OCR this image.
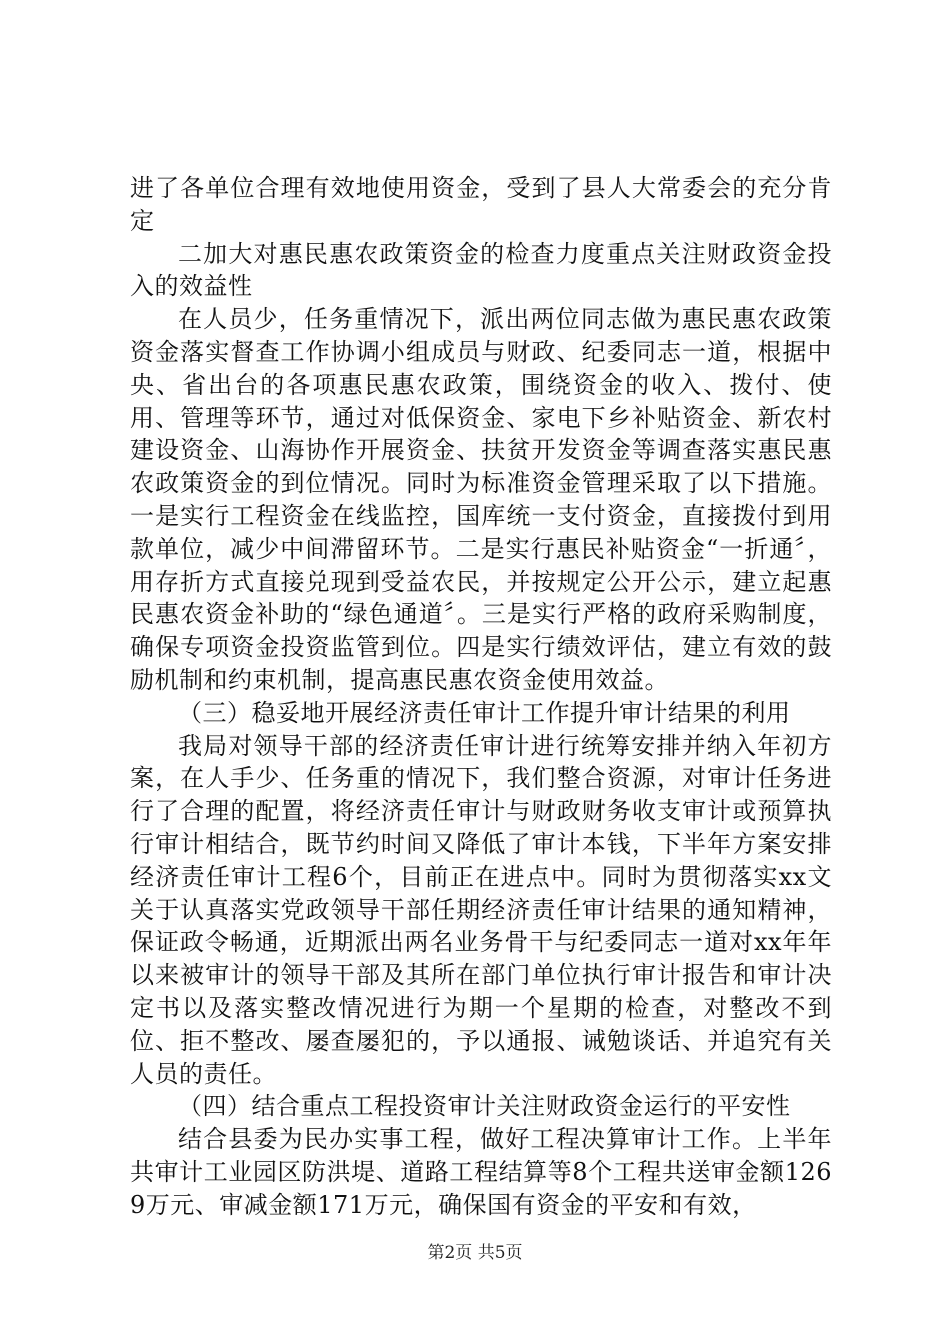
进了各单位合理有效地使用资金，受到了县人大常委会的充分肯定

二加大对惠民惠农政策资金的检查力度重点关注财政资金投入的效益性

在人员少，任务重情况下，派出两位同志做为惠民惠农政策资金落实督查工作协调小组成员与财政、纪委同志一道，根据中央、省出台的各项惠民惠农政策，围绕资金的收入、拨付、使用、管理等环节，通过对低保资金、家电下乡补贴资金、新农村建设资金、山海协作开展资金、扶贫开发资金等调查落实惠民惠农政策资金的到位情况。同时为标准资金管理采取了以下措施。一是实行工程资金在线监控，国库统一支付资金，直接拨付到用款单位，减少中间滞留环节。二是实行惠民补贴资金“一折通〞，用存折方式直接兑现到受益农民，并按规定公开公示，建立起惠民惠农资金补助的“绿色通道〞。三是实行严格的政府采购制度，确保专项资金投资监管到位。四是实行绩效评估，建立有效的鼓励机制和约束机制，提高惠民惠农资金使用效益。

（三）稳妥地开展经济责任审计工作提升审计结果的利用

我局对领导干部的经济责任审计进行统筹安排并纳入年初方案，在人手少、任务重的情况下，我们整合资源，对审计任务进行了合理的配置，将经济责任审计与财政财务收支审计或预算执行审计相结合，既节约时间又降低了审计本钱，下半年方案安排经济责任审计工程6个，目前正在进点中。同时为贯彻落实xx文关于认真落实党政领导干部任期经济责任审计结果的通知精神，保证政令畅通，近期派出两名业务骨干与纪委同志一道对xx年年以来被审计的领导干部及其所在部门单位执行审计报告和审计决定书以及落实整改情况进行为期一个星期的检查，对整改不到位、拒不整改、屡查屡犯的，予以通报、诫勉谈话、并追究有关人员的责任。

（四）结合重点工程投资审计关注财政资金运行的平安性

结合县委为民办实事工程，做好工程决算审计工作。上半年共审计工业园区防洪堤、道路工程结算等8个工程共送审金额1269万元、审减金额171万元，确保国有资金的平安和有效，

第2页 共5页
